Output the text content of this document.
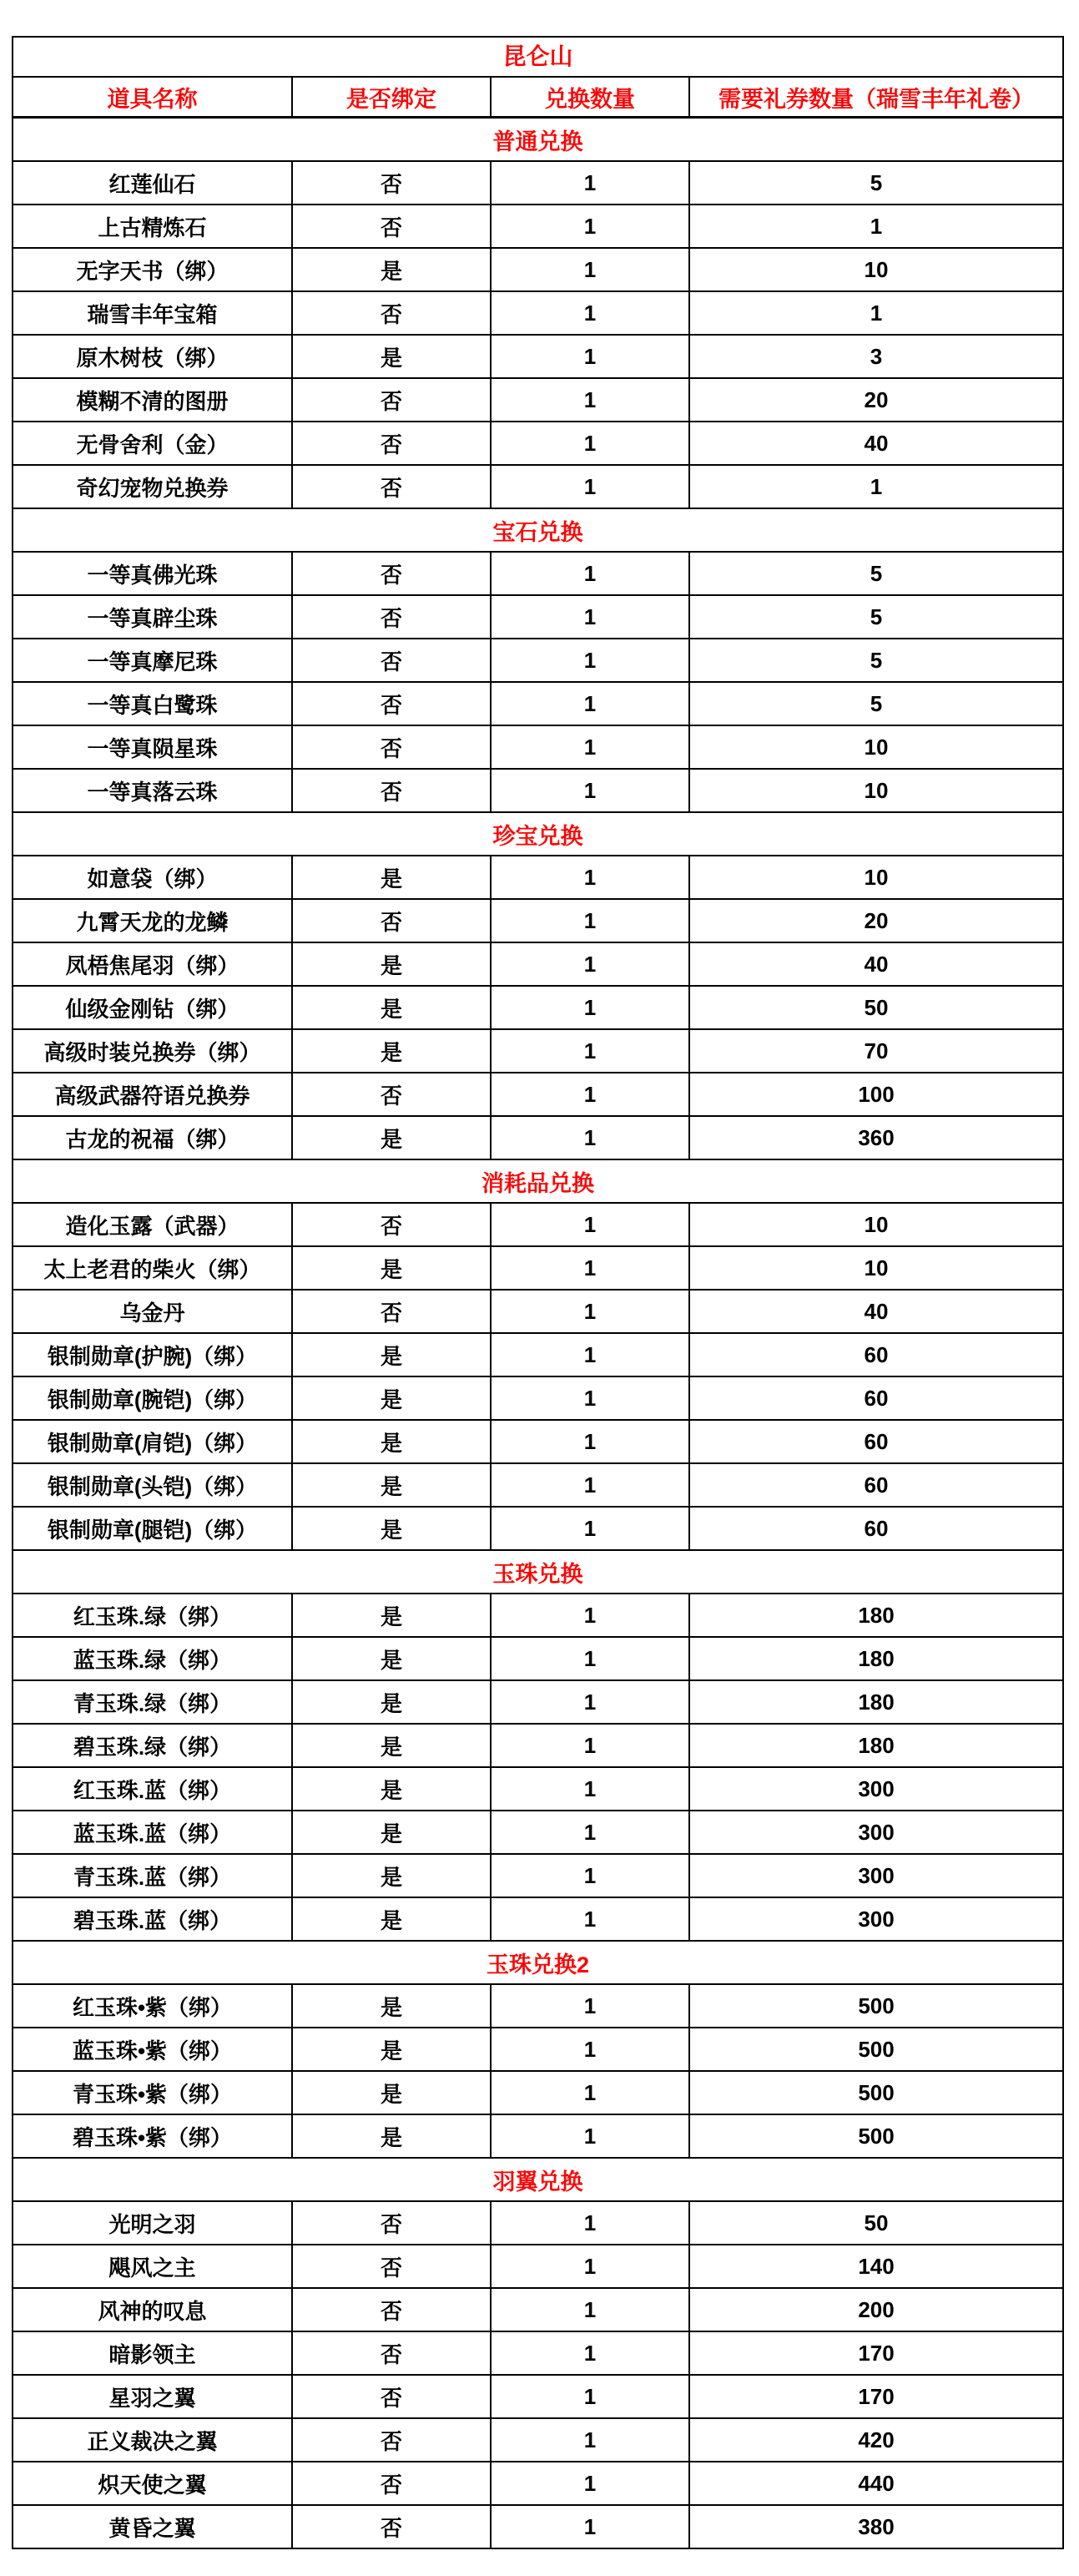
昆仑山			
道具名称	是否绑定	兑换数量	需要礼券数量（瑞雪丰年礼卷）
普通兑换			
红莲仙石	否	1	5
上古精炼石	否	1	1
无字天书（绑）	是	1	10
瑞雪丰年宝箱	否	1	1
原木树枝（绑）	是	1	3
模糊不清的图册	否	1	20
无骨舍利（金）	否	1	40
奇幻宠物兑换券	否	1	1
宝石兑换			
一等真佛光珠	否	1	5
一等真辟尘珠	否	1	5
一等真摩尼珠	否	1	5
一等真白鹭珠	否	1	5
一等真陨星珠	否	1	10
一等真落云珠	否	1	10
珍宝兑换			
如意袋（绑）	是	1	10
九霄天龙的龙鳞	否	1	20
凤梧焦尾羽（绑）	是	1	40
仙级金刚钻（绑）	是	1	50
高级时装兑换券（绑）	是	1	70
高级武器符语兑换券	否	1	100
古龙的祝福（绑）	是	1	360
消耗品兑换			
造化玉露（武器）	否	1	10
太上老君的柴火（绑）	是	1	10
乌金丹	否	1	40
银制勋章(护腕)（绑）	是	1	60
银制勋章(腕铠)（绑）	是	1	60
银制勋章(肩铠)（绑）	是	1	60
银制勋章(头铠)（绑）	是	1	60
银制勋章(腿铠)（绑）	是	1	60
玉珠兑换			
红玉珠.绿（绑）	是	1	180
蓝玉珠.绿（绑）	是	1	180
青玉珠.绿（绑）	是	1	180
碧玉珠.绿（绑）	是	1	180
红玉珠.蓝（绑）	是	1	300
蓝玉珠.蓝（绑）	是	1	300
青玉珠.蓝（绑）	是	1	300
碧玉珠.蓝（绑）	是	1	300
玉珠兑换2			
红玉珠•紫（绑）	是	1	500
蓝玉珠•紫（绑）	是	1	500
青玉珠•紫（绑）	是	1	500
碧玉珠•紫（绑）	是	1	500
羽翼兑换			
光明之羽	否	1	50
飓风之主	否	1	140
风神的叹息	否	1	200
暗影领主	否	1	170
星羽之翼	否	1	170
正义裁决之翼	否	1	420
炽天使之翼	否	1	440
黄昏之翼	否	1	380
